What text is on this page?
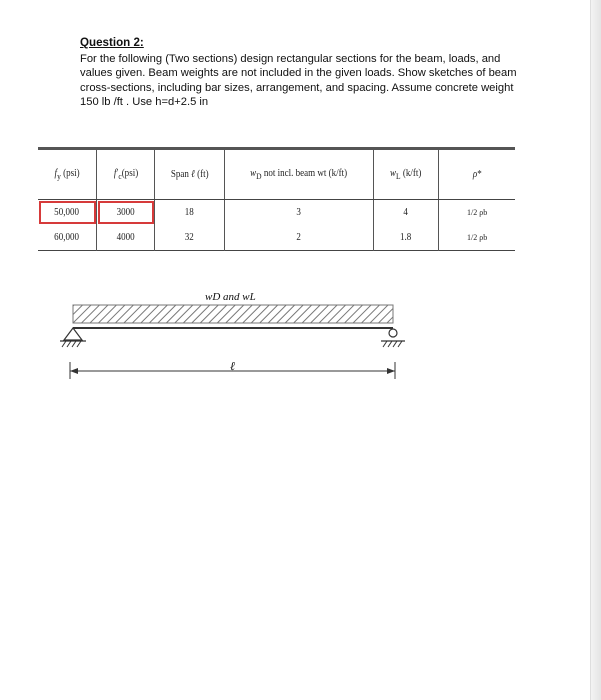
Question 2:

For the following (Two sections) design rectangular sections for the beam, loads, and values given. Beam weights are not included in the given loads. Show sketches of beam cross-sections, including bar sizes, arrangement, and spacing. Assume concrete weight 150 lb /ft . Use h=d+2.5 in

$f_y$ (psi)	$f'_c(psi)$	Span ℓ (ft)	$w_D$ not incl. beam wt (k/ft)	$w_L$ (k/ft)	ρ*
50,000	3000	18	3	4	1/2 ρb
60,000	4000	32	2	1.8	1/2 ρb
wD and wL
ℓ
